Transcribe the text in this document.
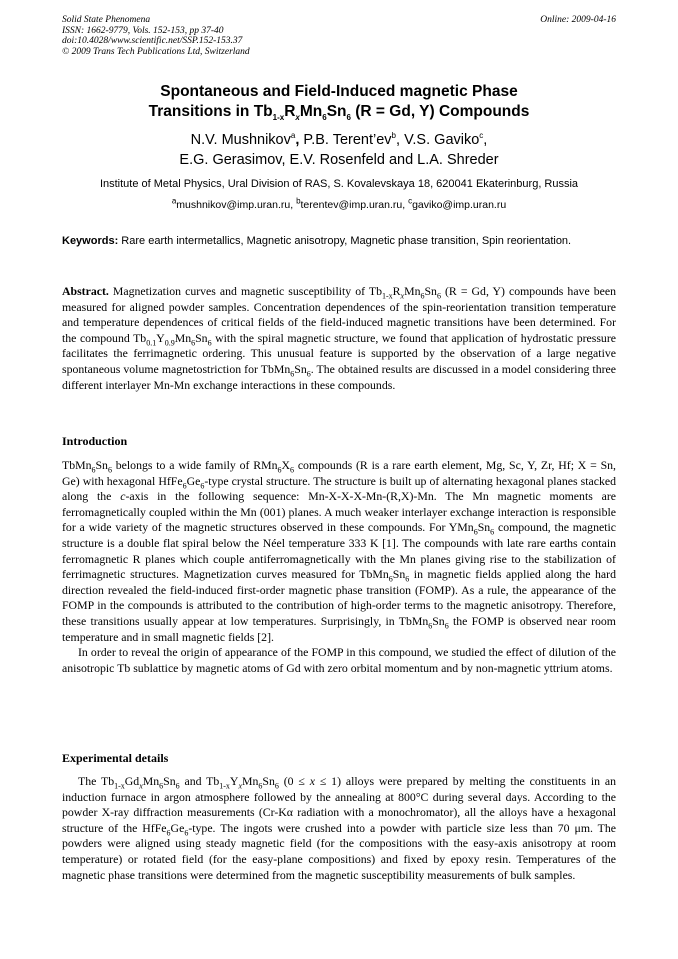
Solid State Phenomena
ISSN: 1662-9779, Vols. 152-153, pp 37-40
doi:10.4028/www.scientific.net/SSP.152-153.37
© 2009 Trans Tech Publications Ltd, Switzerland
Online: 2009-04-16
Spontaneous and Field-Induced magnetic Phase
Transitions in $Tb_{1-x}R_xMn_6Sn_6$ (R = Gd, Y) Compounds
N.V. Mushnikov$^a$, P.B. $Terent’ev^b$, V.S. Gaviko$^c$,
E.G. Gerasimov, E.V. Rosenfeld and L.A. Shreder
Institute of Metal Physics, Ural Division of RAS, S. Kovalevskaya 18, 620041 Ekaterinburg, Russia
$^a$mushnikov@imp.uran.ru, $^b$terentev@imp.uran.ru, $^c$gaviko@imp.uran.ru
Keywords: Rare earth intermetallics, Magnetic anisotropy, Magnetic phase transition, Spin reorientation.
Abstract. Magnetization curves and magnetic susceptibility of $Tb_{1-x}R_xMn_6Sn_6$ (R = Gd, Y) compounds have been measured for aligned powder samples. Concentration dependences of the spin-reorientation transition temperature and temperature dependences of critical fields of the field-induced magnetic transitions have been determined. For the compound $Tb_{0.1}Y_{0.9}Mn_6Sn_6$ with the spiral magnetic structure, we found that application of hydrostatic pressure facilitates the ferrimagnetic ordering. This unusual feature is supported by the observation of a large negative spontaneous volume magnetostriction for $TbMn_6Sn_6$. The obtained results are discussed in a model considering three different interlayer Mn-Mn exchange interactions in these compounds.
Introduction

$TbMn_6Sn_6$ belongs to a wide family of $RMn_6X_6$ compounds (R is a rare earth element, Mg, Sc, Y, Zr, Hf; X = Sn, Ge) with hexagonal $HfFe_6Ge_6$-type crystal structure. The structure is built up of alternating hexagonal planes stacked along the c-axis in the following sequence: Mn-X-X-X-Mn-(R,X)-Mn. The Mn magnetic moments are ferromagnetically coupled within the Mn (001) planes. A much weaker interlayer exchange interaction is responsible for a wide variety of the magnetic structures observed in these compounds. For $YMn_6Sn_6$ compound, the magnetic structure is a double flat spiral below the Néel temperature 333 K [1]. The compounds with late rare earths contain ferromagnetic R planes which couple antiferromagnetically with the Mn planes giving rise to the stabilization of ferrimagnetic structures. Magnetization curves measured for $TbMn_6Sn_6$ in magnetic fields applied along the hard direction revealed the field-induced first-order magnetic phase transition (FOMP). As a rule, the appearance of the FOMP in the compounds is attributed to the contribution of high-order terms to the magnetic anisotropy. Therefore, these transitions usually appear at low temperatures. Surprisingly, in $TbMn_6Sn_6$ the FOMP is observed near room temperature and in small magnetic fields [2].

In order to reveal the origin of appearance of the FOMP in this compound, we studied the effect of dilution of the anisotropic Tb sublattice by magnetic atoms of Gd with zero orbital momentum and by non-magnetic yttrium atoms.

Experimental details

The $Tb_{1-x}Gd_xMn_6Sn_6$ and $Tb_{1-x}Y_xMn_6Sn_6$ (0 ≤ x ≤ 1) alloys were prepared by melting the constituents in an induction furnace in argon atmosphere followed by the annealing at 800°C during several days. According to the powder X-ray diffraction measurements (Cr-Kα radiation with a monochromator), all the alloys have a hexagonal structure of the $HfFe_6Ge_6$-type. The ingots were crushed into a powder with particle size less than 70 μm. The powders were aligned using steady magnetic field (for the compositions with the easy-axis anisotropy at room temperature) or rotated field (for the easy-plane compositions) and fixed by epoxy resin. Temperatures of the magnetic phase transitions were determined from the magnetic susceptibility measurements of bulk samples.
